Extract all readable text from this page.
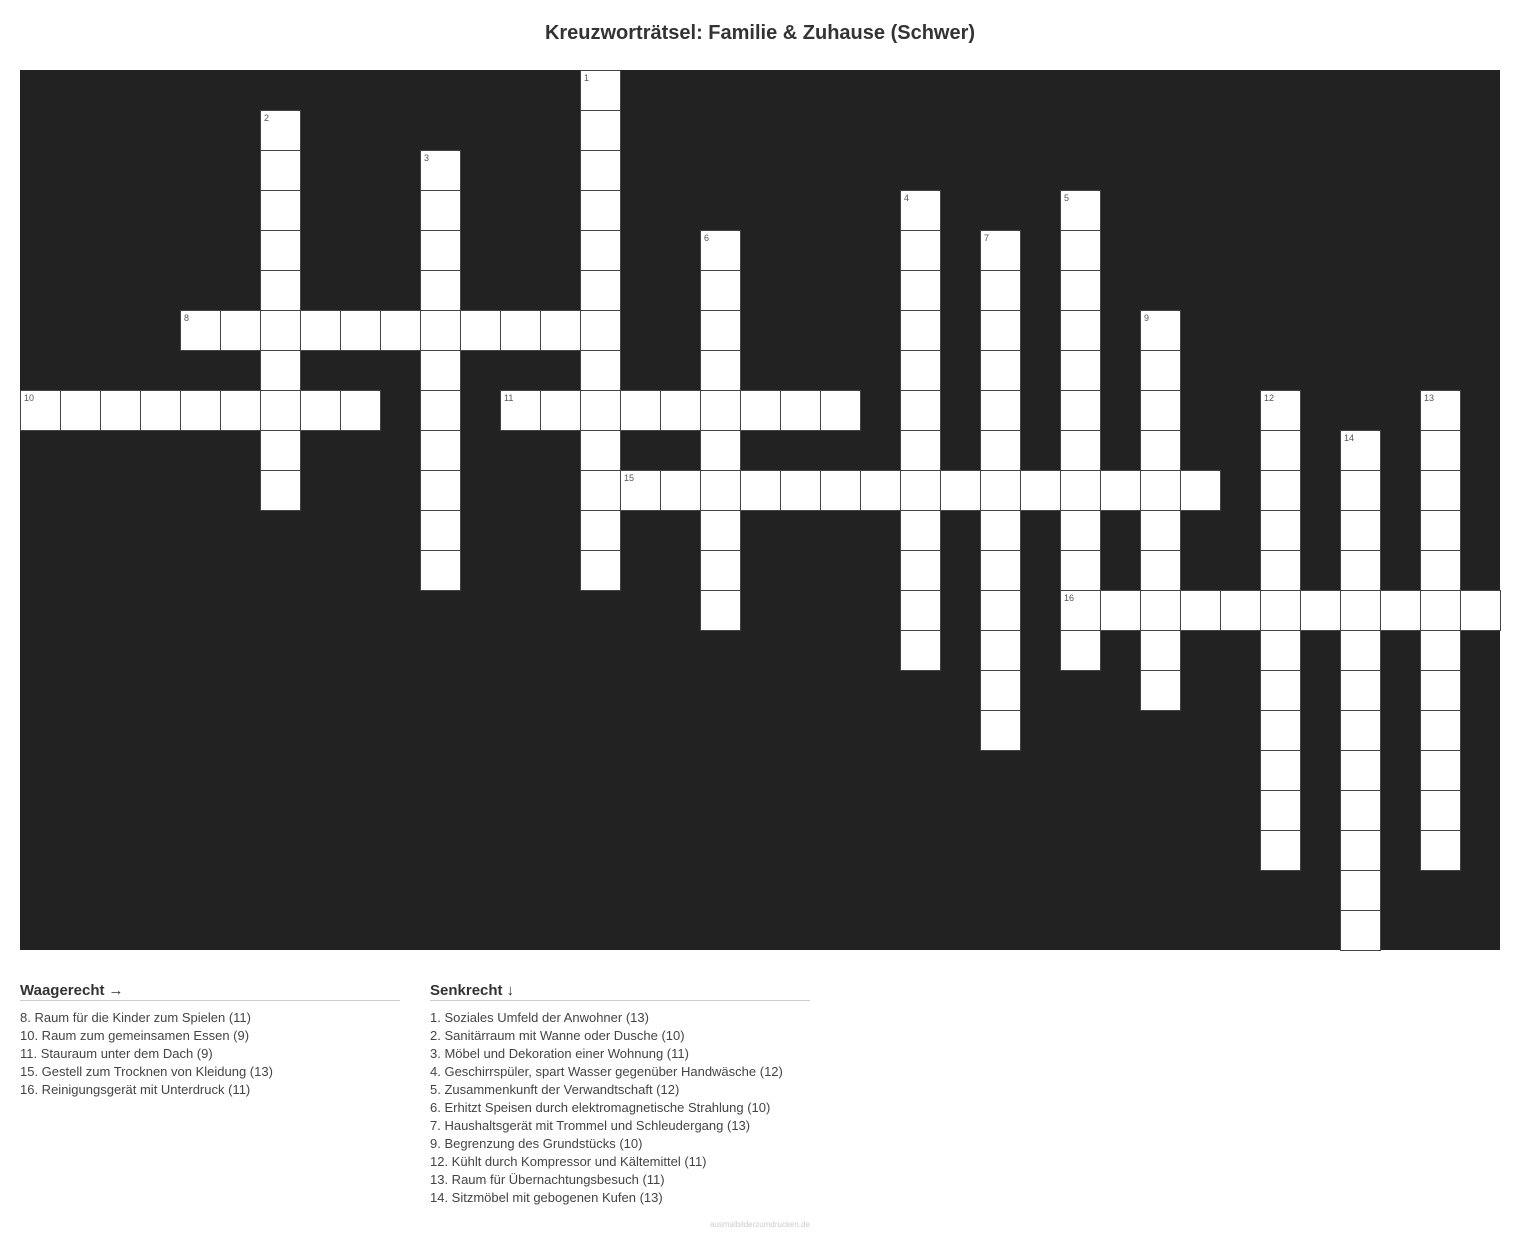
Kreuzworträtsel: Familie & Zuhause (Schwer)
1
2
3
4	5
16
6	7
8	9
10	11	12	13
14
15
Waagerecht →
8. Raum für die Kinder zum Spielen (11)
10. Raum zum gemeinsamen Essen (9)
11. Stauraum unter dem Dach (9)
15. Gestell zum Trocknen von Kleidung (13)
16. Reinigungsgerät mit Unterdruck (11)
Senkrecht ↓
1. Soziales Umfeld der Anwohner (13)
2. Sanitärraum mit Wanne oder Dusche (10)
3. Möbel und Dekoration einer Wohnung (11)
4. Geschirrspüler, spart Wasser gegenüber Handwäsche (12)
5. Zusammenkunft der Verwandtschaft (12)
6. Erhitzt Speisen durch elektromagnetische Strahlung (10)
7. Haushaltsgerät mit Trommel und Schleudergang (13)
9. Begrenzung des Grundstücks (10)
12. Kühlt durch Kompressor und Kältemittel (11)
13. Raum für Übernachtungsbesuch (11)
14. Sitzmöbel mit gebogenen Kufen (13)
ausmalbilderzumdrucken.de
